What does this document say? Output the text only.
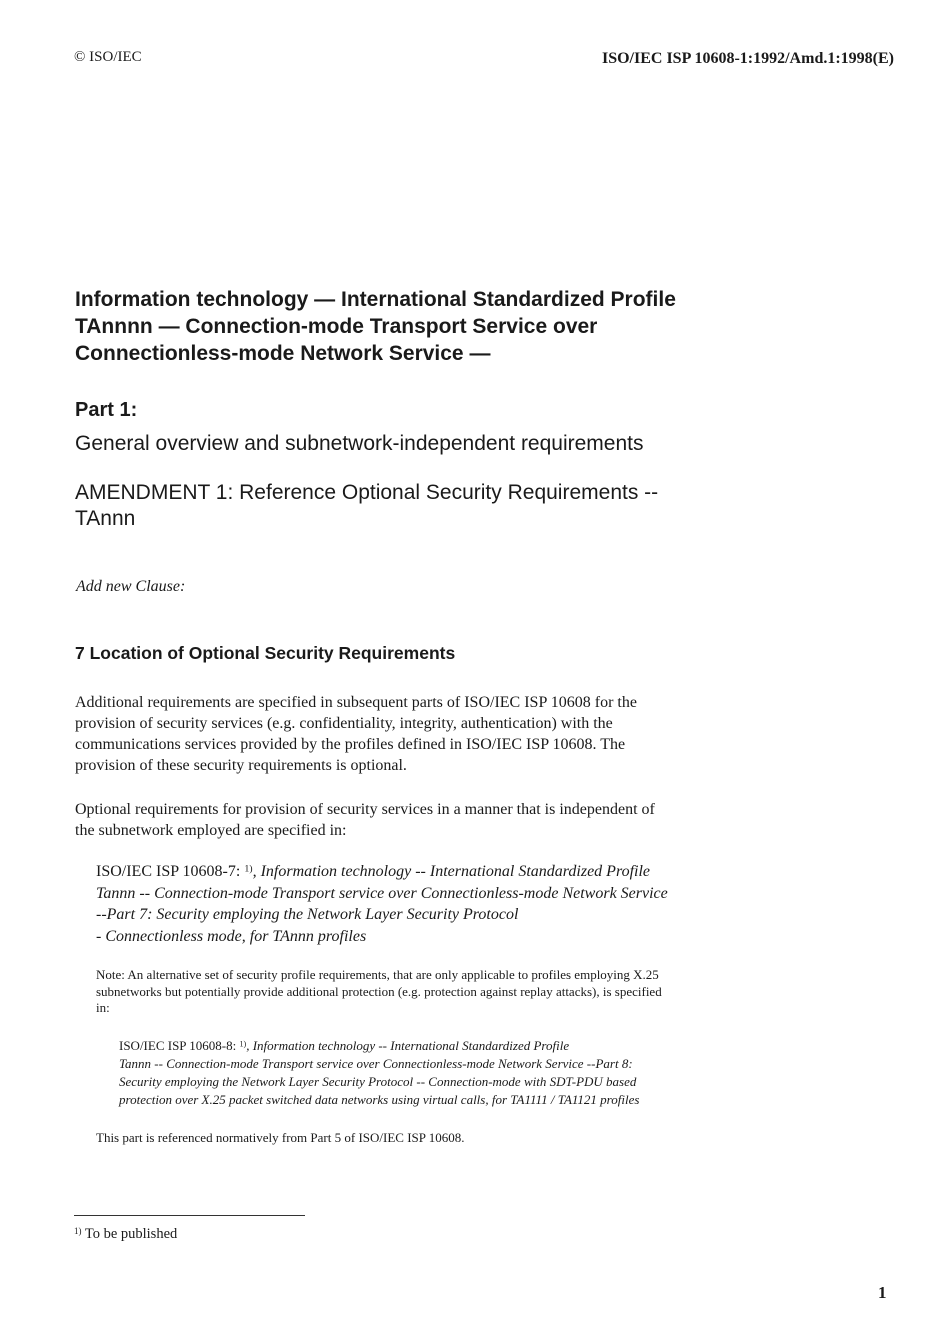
© ISO/IEC	ISO/IEC ISP 10608-1:1992/Amd.1:1998(E)
Information technology — International Standardized Profile
TAnnnn — Connection-mode Transport Service over
Connectionless-mode Network Service —
Part 1:
General overview and subnetwork-independent requirements
AMENDMENT 1: Reference Optional Security Requirements --
TAnnn
Add new Clause:
7 Location of Optional Security Requirements
Additional requirements are specified in subsequent parts of ISO/IEC ISP 10608 for the
provision of security services (e.g. confidentiality, integrity, authentication) with the
communications services provided by the profiles defined in ISO/IEC ISP 10608. The
provision of these security requirements is optional.
Optional requirements for provision of security services in a manner that is independent of
the subnetwork employed are specified in:
ISO/IEC ISP 10608-7: $^{1)}$, Information technology -- International Standardized Profile
Tannn -- Connection-mode Transport service over Connectionless-mode Network Service
--Part 7: Security employing the Network Layer Security Protocol
- Connectionless mode, for TAnnn profiles
Note: An alternative set of security profile requirements, that are only applicable to profiles employing X.25
subnetworks but potentially provide additional protection (e.g. protection against replay attacks), is specified
in:
ISO/IEC ISP 10608-8: $^{1)}$, Information technology -- International Standardized Profile
Tannn -- Connection-mode Transport service over Connectionless-mode Network Service --Part 8:
Security employing the Network Layer Security Protocol -- Connection-mode with SDT-PDU based
protection over X.25 packet switched data networks using virtual calls, for TA1111 / TA1121 profiles
This part is referenced normatively from Part 5 of ISO/IEC ISP 10608.
$^{1)}$ To be published
1
